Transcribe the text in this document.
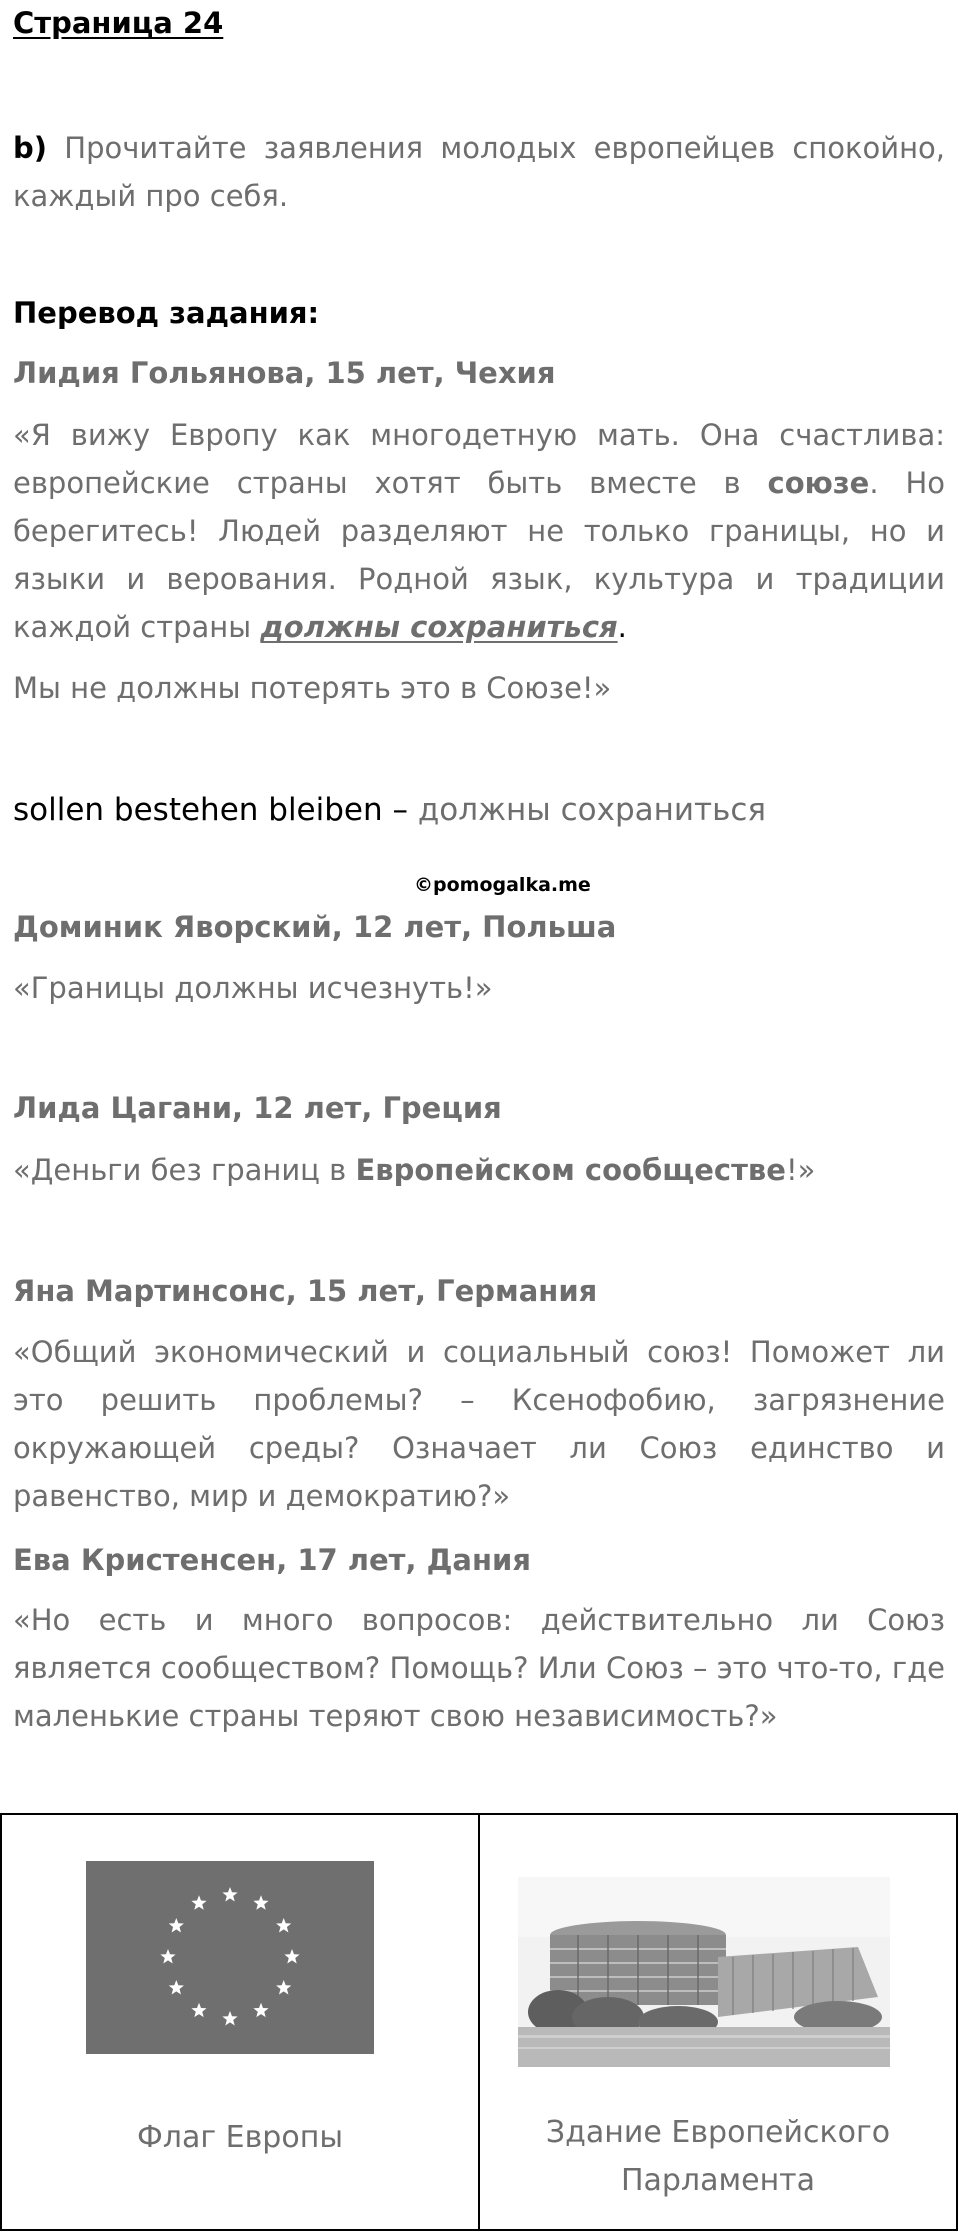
Страница 24
b) Прочитайте заявления молодых европейцев спокойно, каждый про себя.
Перевод задания:
Лидия Гольянова, 15 лет, Чехия
«Я вижу Европу как многодетную мать. Она счастлива: европейские страны хотят быть вместе в союзе. Но берегитесь! Людей разделяют не только границы, но и языки и верования. Родной язык, культура и традиции каждой страны должны сохраниться.
Мы не должны потерять это в Союзе!»
sollen bestehen bleiben – должны сохраниться
©pomogalka.me
Доминик Яворский, 12 лет, Польша
«Границы должны исчезнуть!»
Лида Цагани, 12 лет, Греция
«Деньги без границ в Европейском сообществе!»
Яна Мартинсонс, 15 лет, Германия
«Общий экономический и социальный союз! Поможет ли это решить проблемы? – Ксенофобию, загрязнение окружающей среды? Означает ли Союз единство и равенство, мир и демократию?»
Ева Кристенсен, 17 лет, Дания
«Но есть и много вопросов: действительно ли Союз является сообществом? Помощь? Или Союз – это что-то, где маленькие страны теряют свою независимость?»
Флаг Европы	Здание Европейского
Парламента
